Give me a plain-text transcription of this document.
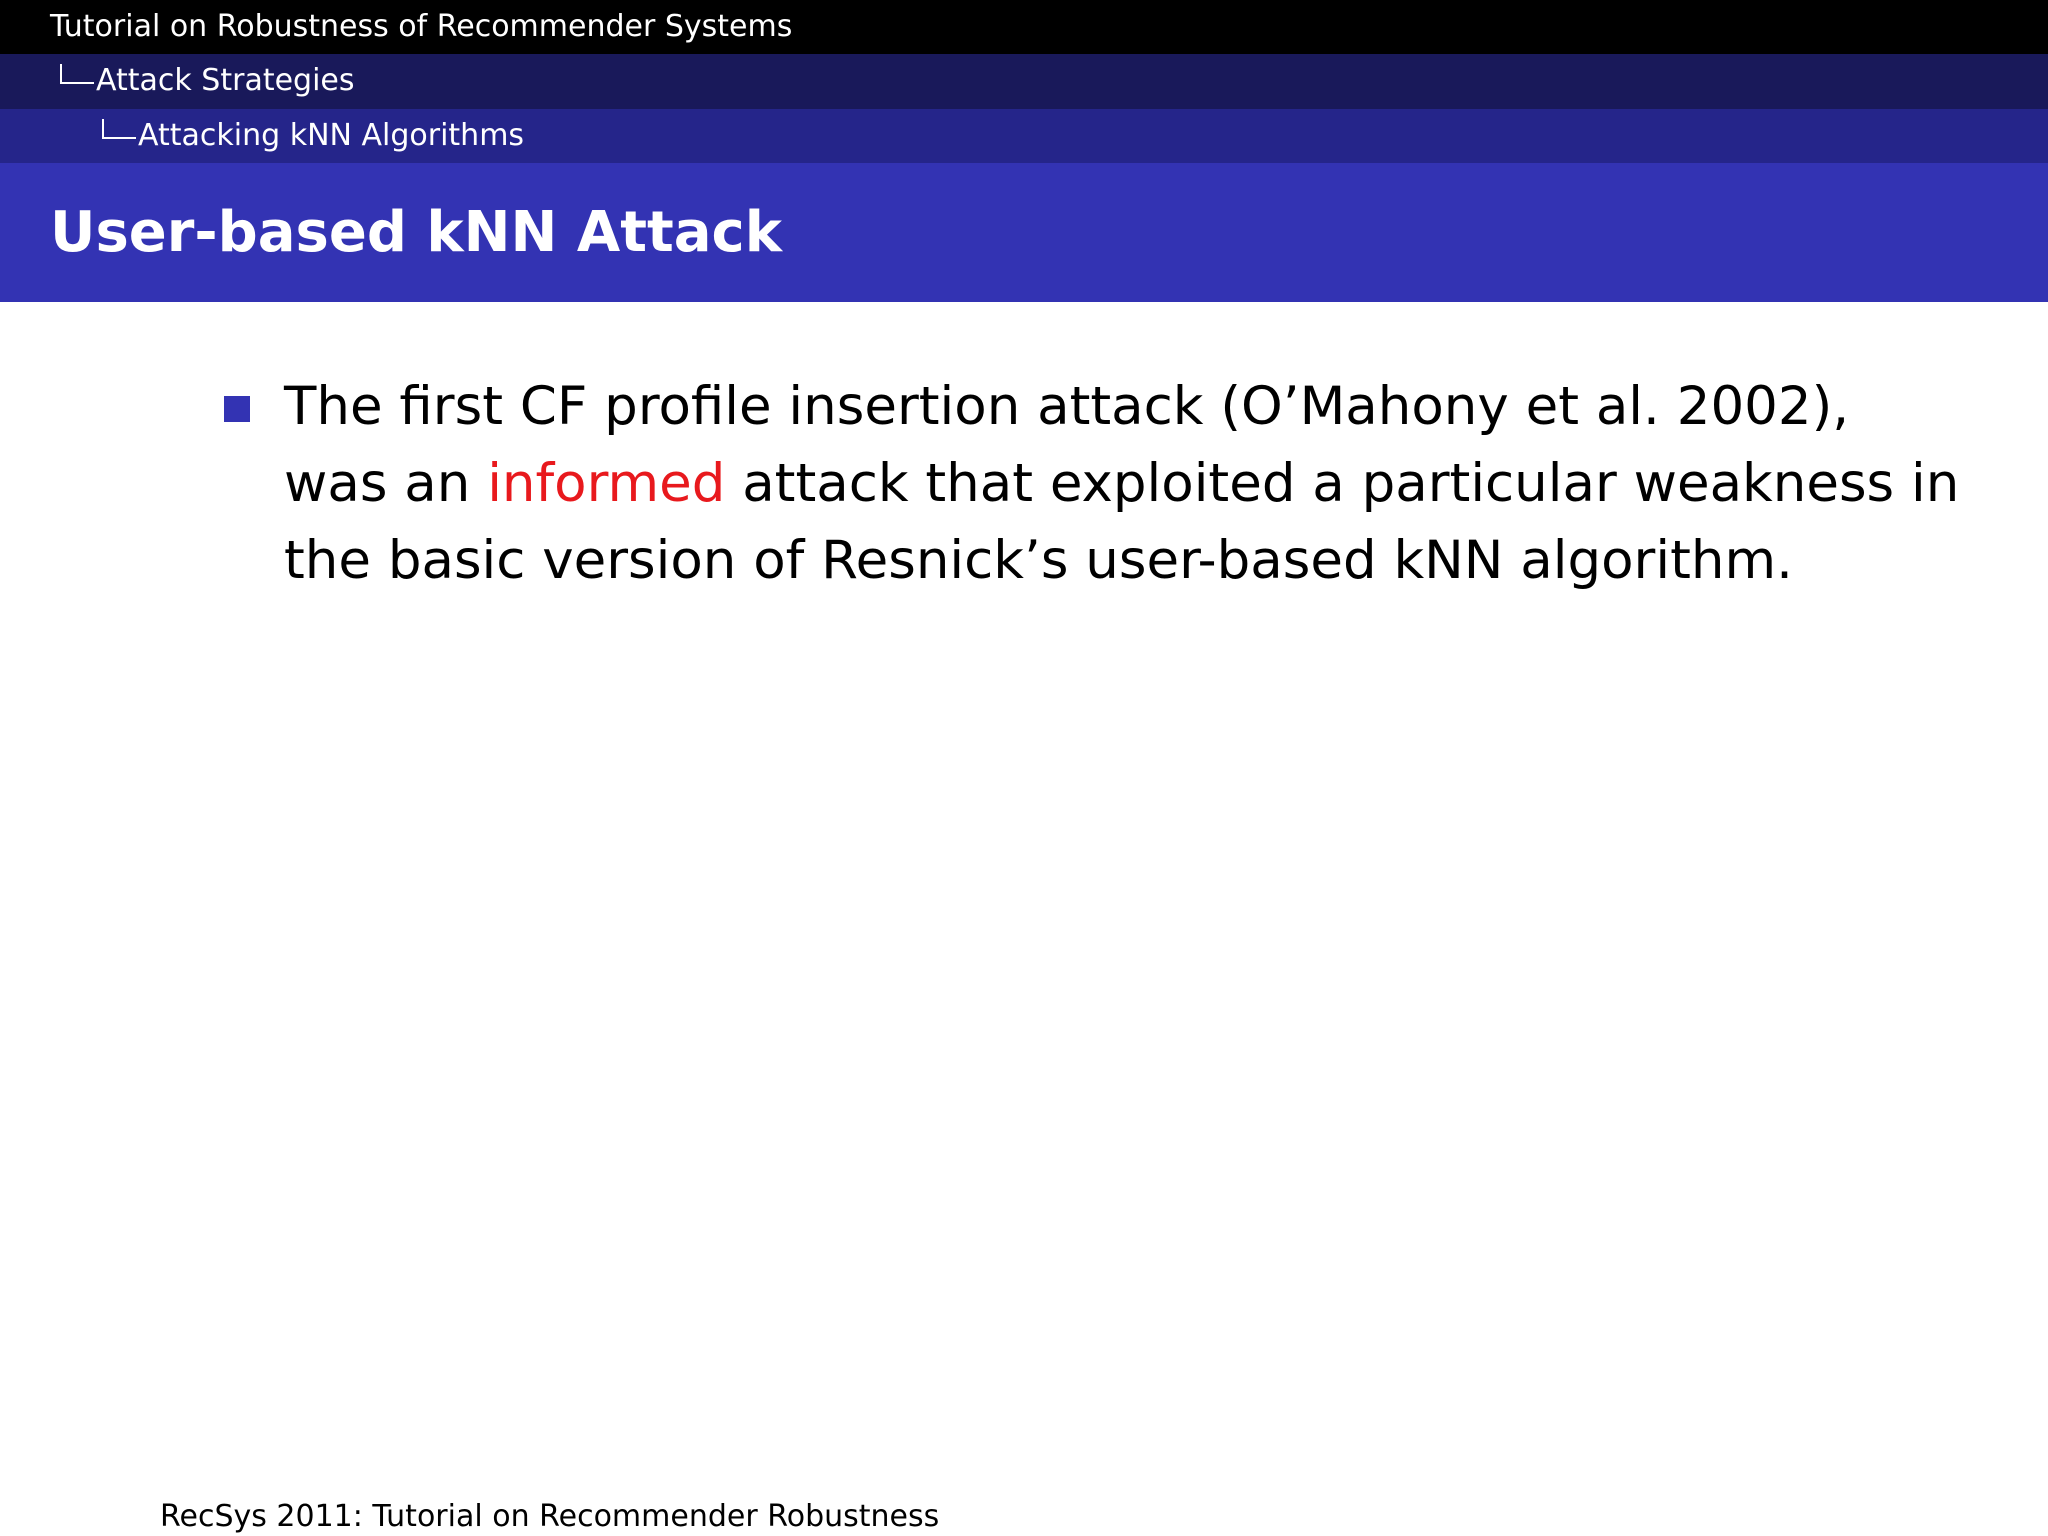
Tutorial on Robustness of Recommender Systems
Attack Strategies
Attacking kNN Algorithms
User-based kNN Attack
The first CF profile insertion attack (O’Mahony et al. 2002),
was an informed attack that exploited a particular weakness in
the basic version of Resnick’s user-based kNN algorithm.
RecSys 2011: Tutorial on Recommender Robustness
